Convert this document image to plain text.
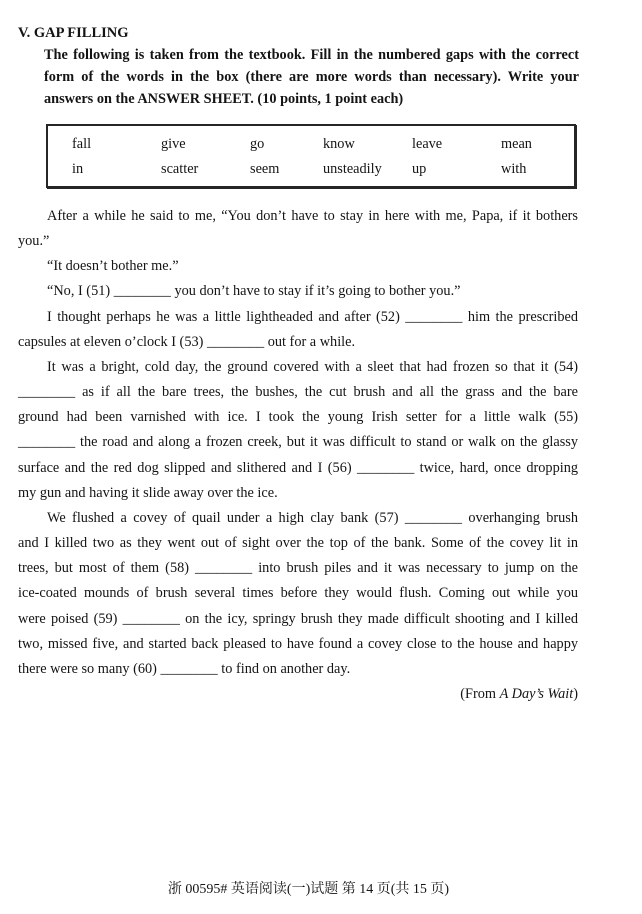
V. GAP FILLING
The following is taken from the textbook. Fill in the numbered gaps with the correct
form of the words in the box (there are more words than necessary). Write your
answers on the ANSWER SHEET. (10 points, 1 point each)
fall	give	go	know	leave	mean
in	scatter	seem	unsteadily	up	with
After a while he said to me, “You don’t have to stay in here with me, Papa, if it bothers
you.”
“It doesn’t bother me.”
“No, I (51) ________ you don’t have to stay if it’s going to bother you.”
I thought perhaps he was a little lightheaded and after (52) ________ him the prescribed
capsules at eleven o’clock I (53) ________ out for a while.
It was a bright, cold day, the ground covered with a sleet that had frozen so that it (54)
________ as if all the bare trees, the bushes, the cut brush and all the grass and the bare
ground had been varnished with ice. I took the young Irish setter for a little walk (55)
________ the road and along a frozen creek, but it was difficult to stand or walk on the glassy
surface and the red dog slipped and slithered and I (56) ________ twice, hard, once dropping
my gun and having it slide away over the ice.
We flushed a covey of quail under a high clay bank (57) ________ overhanging brush
and I killed two as they went out of sight over the top of the bank. Some of the covey lit in
trees, but most of them (58) ________ into brush piles and it was necessary to jump on the
ice-coated mounds of brush several times before they would flush. Coming out while you
were poised (59) ________ on the icy, springy brush they made difficult shooting and I killed
two, missed five, and started back pleased to have found a covey close to the house and happy
there were so many (60) ________ to find on another day.
(From A Day’s Wait)
浙 00595# 英语阅读(一)试题 第 14 页(共 15 页)
